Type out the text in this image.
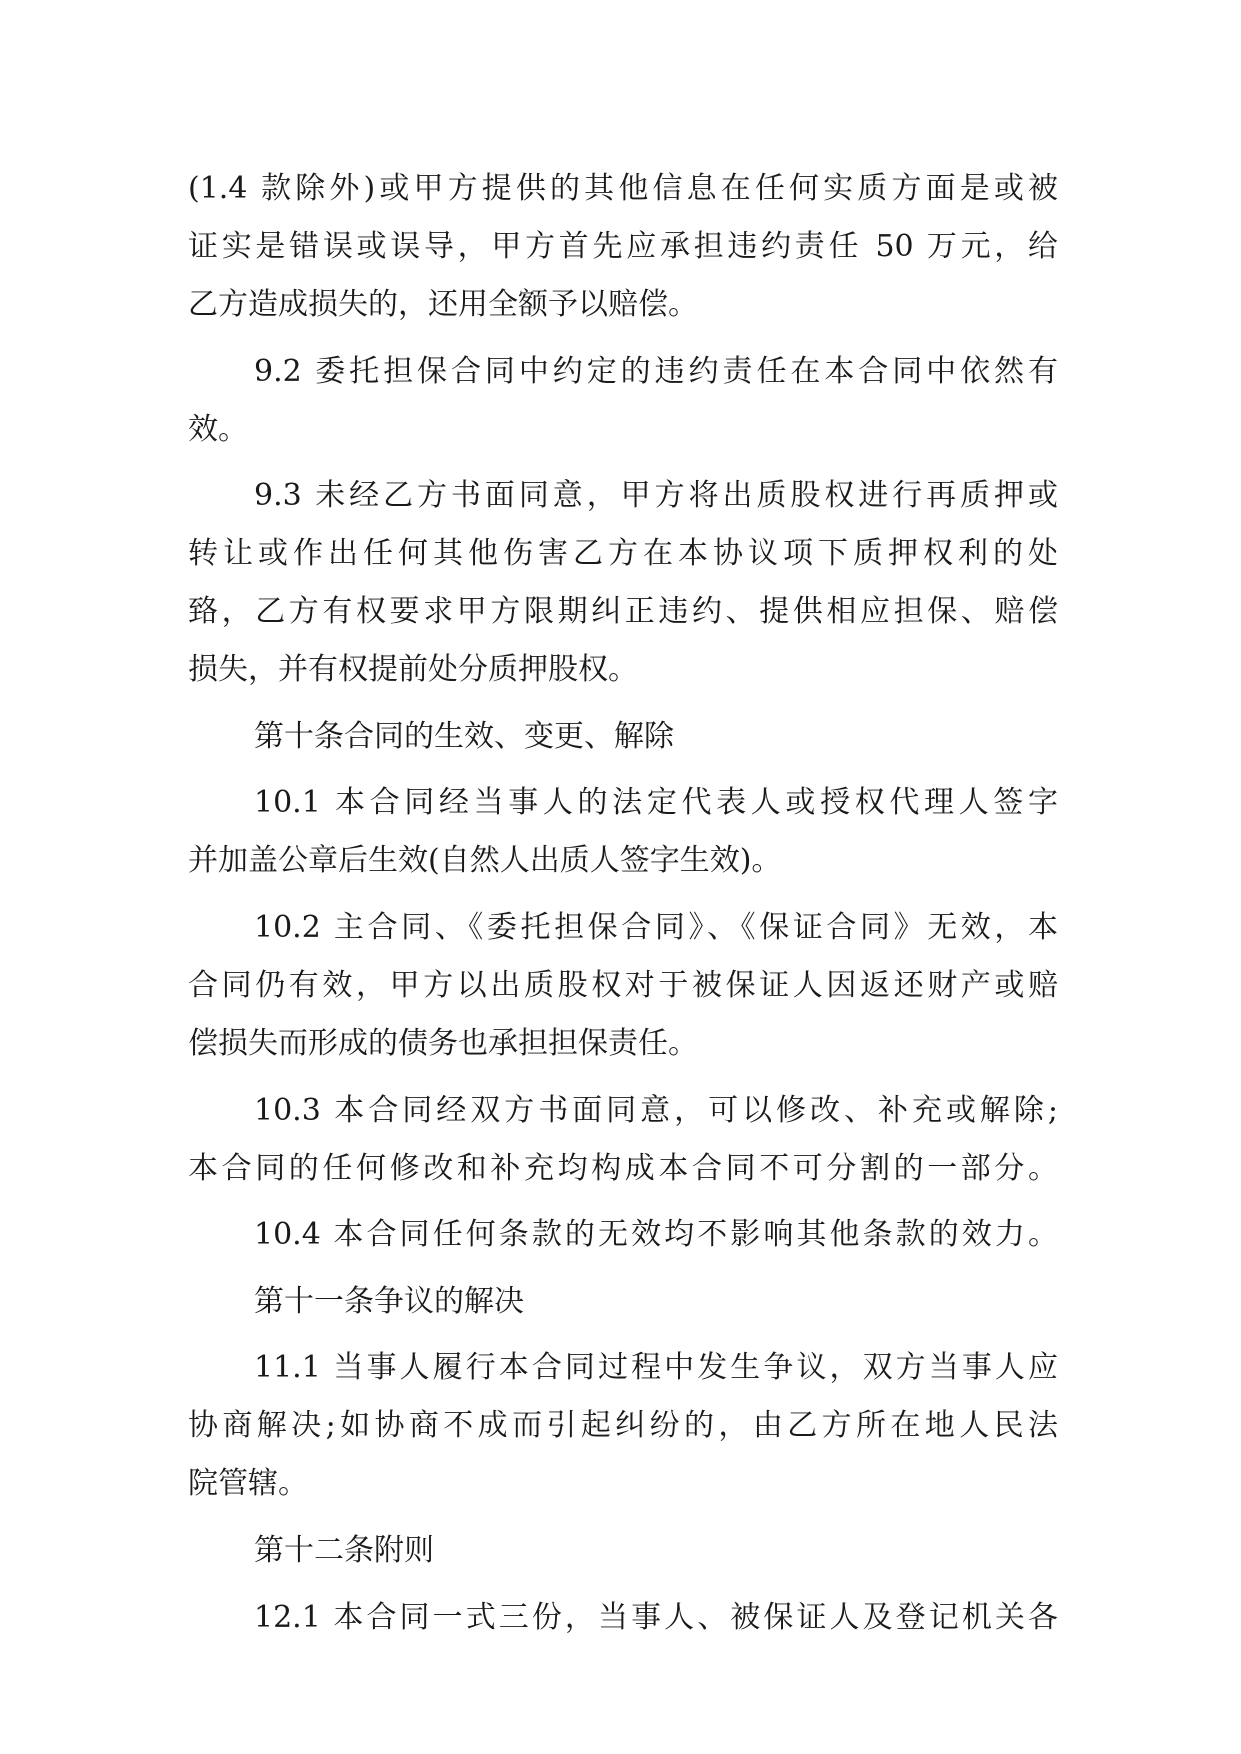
(1.4 款除外)或甲方提供的其他信息在任何实质方面是或被
证实是错误或误导，甲方首先应承担违约责任 50 万元，给
乙方造成损失的，还用全额予以赔偿。

9.2 委托担保合同中约定的违约责任在本合同中依然有
效。

9.3 未经乙方书面同意，甲方将出质股权进行再质押或
转让或作出任何其他伤害乙方在本协议项下质押权利的处
臵，乙方有权要求甲方限期纠正违约、提供相应担保、赔偿
损失，并有权提前处分质押股权。

第十条合同的生效、变更、解除

10.1 本合同经当事人的法定代表人或授权代理人签字
并加盖公章后生效(自然人出质人签字生效)。

10.2 主合同、《委托担保合同》、《保证合同》无效，本
合同仍有效，甲方以出质股权对于被保证人因返还财产或赔
偿损失而形成的债务也承担担保责任。

10.3 本合同经双方书面同意，可以修改、补充或解除;
本合同的任何修改和补充均构成本合同不可分割的一部分。

10.4 本合同任何条款的无效均不影响其他条款的效力。

第十一条争议的解决

11.1 当事人履行本合同过程中发生争议，双方当事人应
协商解决;如协商不成而引起纠纷的，由乙方所在地人民法
院管辖。

第十二条附则

12.1 本合同一式三份，当事人、被保证人及登记机关各
